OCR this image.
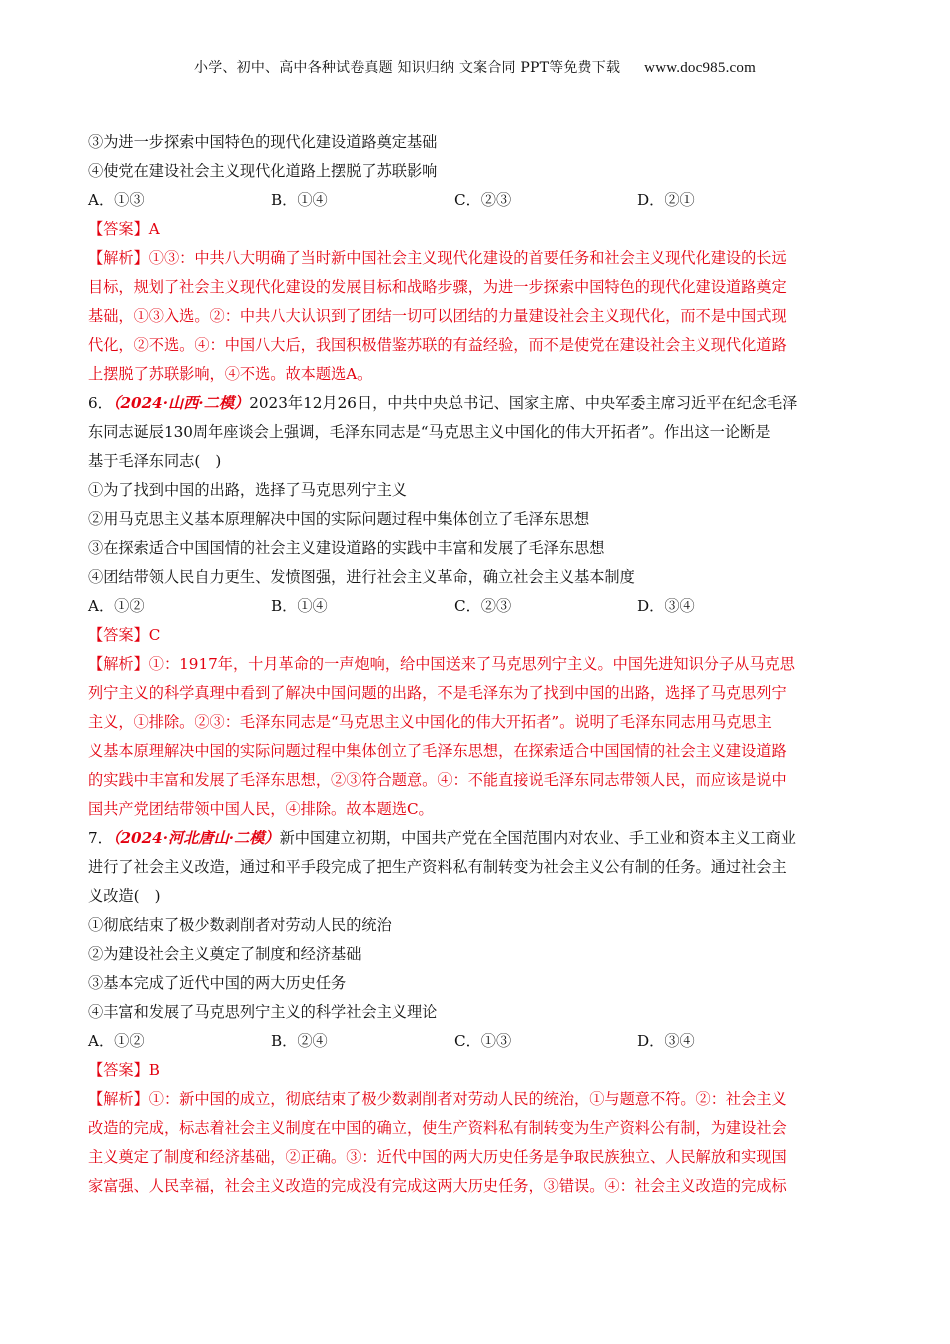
小学、初中、高中各种试卷真题 知识归纳 文案合同 PPT等免费下载 www.doc985.com
③为进一步探索中国特色的现代化建设道路奠定基础
④使党在建设社会主义现代化道路上摆脱了苏联影响
A．①③	B．①④	C．②③	D．②①
【答案】A
【解析】①③：中共八大明确了当时新中国社会主义现代化建设的首要任务和社会主义现代化建设的长远
目标，规划了社会主义现代化建设的发展目标和战略步骤，为进一步探索中国特色的现代化建设道路奠定
基础，①③入选。②：中共八大认识到了团结一切可以团结的力量建设社会主义现代化，而不是中国式现
代化，②不选。④：中国八大后，我国积极借鉴苏联的有益经验，而不是使党在建设社会主义现代化道路
上摆脱了苏联影响，④不选。故本题选A。
6．（2024·山西·二模）2023年12月26日，中共中央总书记、国家主席、中央军委主席习近平在纪念毛泽
东同志诞辰130周年座谈会上强调，毛泽东同志是“马克思主义中国化的伟大开拓者”。作出这一论断是
基于毛泽东同志(　)
①为了找到中国的出路，选择了马克思列宁主义
②用马克思主义基本原理解决中国的实际问题过程中集体创立了毛泽东思想
③在探索适合中国国情的社会主义建设道路的实践中丰富和发展了毛泽东思想
④团结带领人民自力更生、发愤图强，进行社会主义革命，确立社会主义基本制度
A．①②	B．①④	C．②③	D．③④
【答案】C
【解析】①：1917年，十月革命的一声炮响，给中国送来了马克思列宁主义。中国先进知识分子从马克思
列宁主义的科学真理中看到了解决中国问题的出路，不是毛泽东为了找到中国的出路，选择了马克思列宁
主义，①排除。②③：毛泽东同志是“马克思主义中国化的伟大开拓者”。说明了毛泽东同志用马克思主
义基本原理解决中国的实际问题过程中集体创立了毛泽东思想，在探索适合中国国情的社会主义建设道路
的实践中丰富和发展了毛泽东思想，②③符合题意。④：不能直接说毛泽东同志带领人民，而应该是说中
国共产党团结带领中国人民，④排除。故本题选C。
7．（2024·河北唐山·二模）新中国建立初期，中国共产党在全国范围内对农业、手工业和资本主义工商业
进行了社会主义改造，通过和平手段完成了把生产资料私有制转变为社会主义公有制的任务。通过社会主
义改造(　)
①彻底结束了极少数剥削者对劳动人民的统治
②为建设社会主义奠定了制度和经济基础
③基本完成了近代中国的两大历史任务
④丰富和发展了马克思列宁主义的科学社会主义理论
A．①②	B．②④	C．①③	D．③④
【答案】B
【解析】①：新中国的成立，彻底结束了极少数剥削者对劳动人民的统治，①与题意不符。②：社会主义
改造的完成，标志着社会主义制度在中国的确立，使生产资料私有制转变为生产资料公有制，为建设社会
主义奠定了制度和经济基础，②正确。③：近代中国的两大历史任务是争取民族独立、人民解放和实现国
家富强、人民幸福，社会主义改造的完成没有完成这两大历史任务，③错误。④：社会主义改造的完成标
